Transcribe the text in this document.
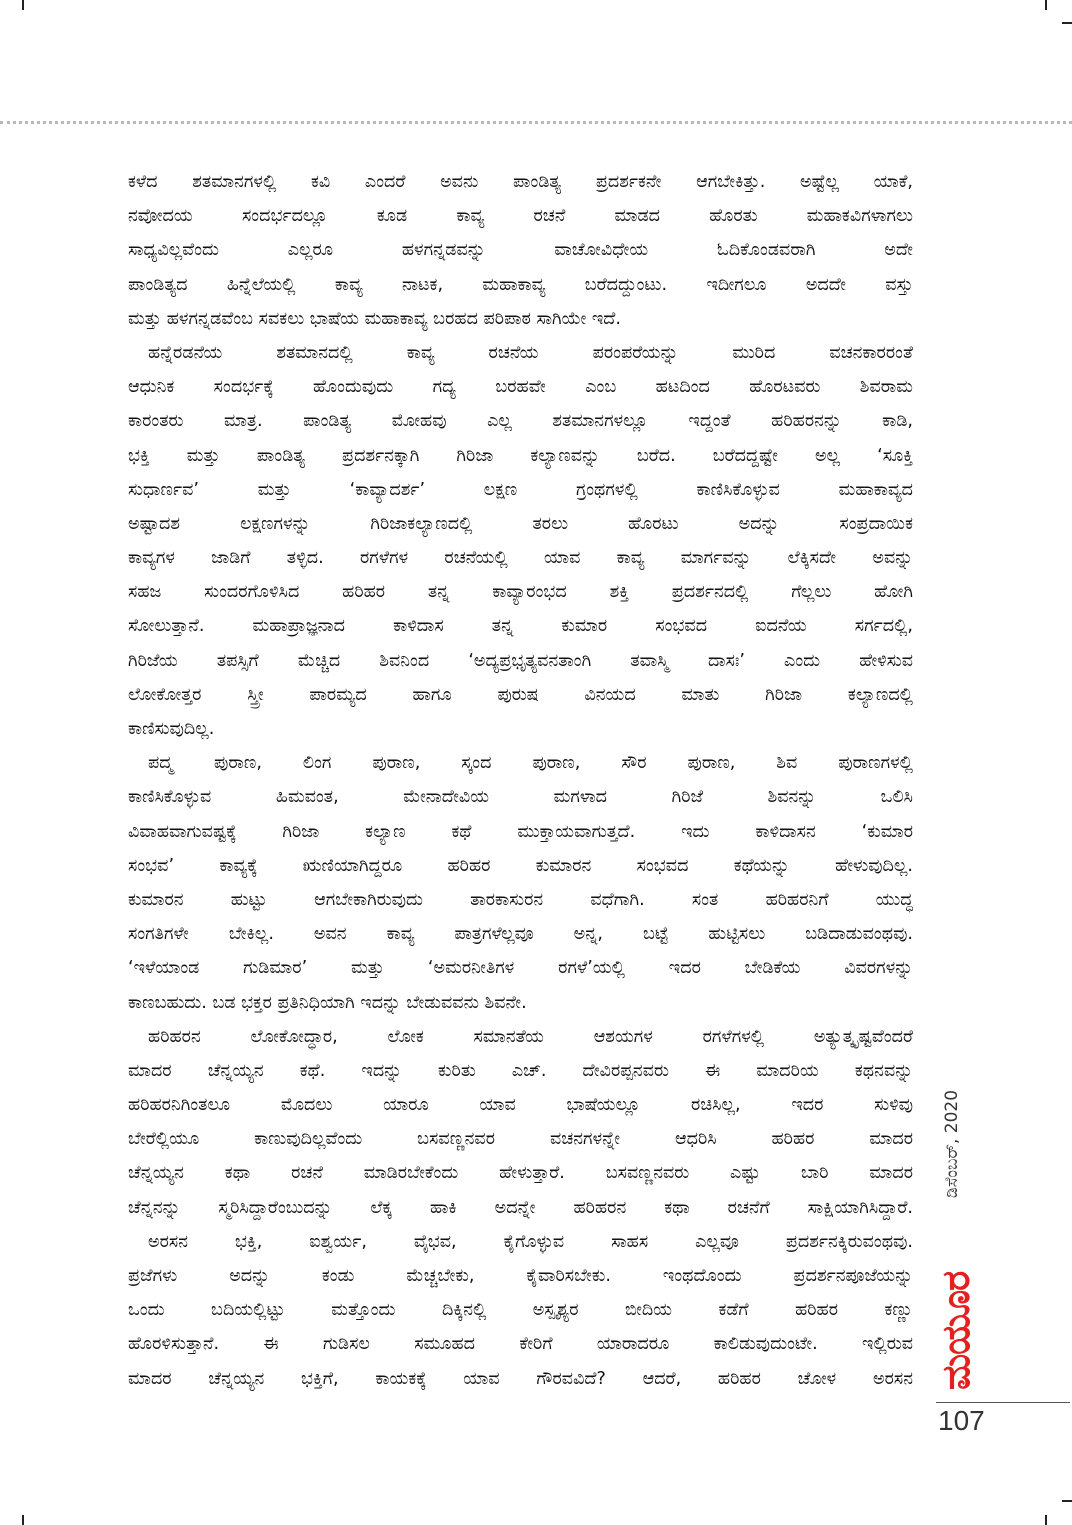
ಕಳೆದ ಶತಮಾನಗಳಲ್ಲಿ ಕವಿ ಎಂದರೆ ಅವನು ಪಾಂಡಿತ್ಯ ಪ್ರದರ್ಶಕನೇ ಆಗಬೇಕಿತ್ತು. ಅಷ್ಟೆಲ್ಲ ಯಾಕೆ,
ನವೋದಯ ಸಂದರ್ಭದಲ್ಲೂ ಕೂಡ ಕಾವ್ಯ ರಚನೆ ಮಾಡದ ಹೊರತು ಮಹಾಕವಿಗಳಾಗಲು
ಸಾಧ್ಯವಿಲ್ಲವೆಂದು ಎಲ್ಲರೂ ಹಳಗನ್ನಡವನ್ನು ವಾಚೋವಿಧೇಯ ಓದಿಕೊಂಡವರಾಗಿ ಅದೇ
ಪಾಂಡಿತ್ಯದ ಹಿನ್ನೆಲೆಯಲ್ಲಿ ಕಾವ್ಯ ನಾಟಕ, ಮಹಾಕಾವ್ಯ ಬರೆದದ್ದುಂಟು. ಇದೀಗಲೂ ಅದದೇ ವಸ್ತು
ಮತ್ತು ಹಳಗನ್ನಡವೆಂಬ ಸವಕಲು ಭಾಷೆಯ ಮಹಾಕಾವ್ಯ ಬರಹದ ಪರಿಪಾಠ ಸಾಗಿಯೇ ಇದೆ.

ಹನ್ನೆರಡನೆಯ ಶತಮಾನದಲ್ಲಿ ಕಾವ್ಯ ರಚನೆಯ ಪರಂಪರೆಯನ್ನು ಮುರಿದ ವಚನಕಾರರಂತೆ
ಆಧುನಿಕ ಸಂದರ್ಭಕ್ಕೆ ಹೊಂದುವುದು ಗದ್ಯ ಬರಹವೇ ಎಂಬ ಹಟದಿಂದ ಹೊರಟವರು ಶಿವರಾಮ
ಕಾರಂತರು ಮಾತ್ರ. ಪಾಂಡಿತ್ಯ ಮೋಹವು ಎಲ್ಲ ಶತಮಾನಗಳಲ್ಲೂ ಇದ್ದಂತೆ ಹರಿಹರನನ್ನು ಕಾಡಿ,
ಭಕ್ತಿ ಮತ್ತು ಪಾಂಡಿತ್ಯ ಪ್ರದರ್ಶನಕ್ಕಾಗಿ ಗಿರಿಜಾ ಕಲ್ಯಾಣವನ್ನು ಬರೆದ. ಬರೆದದ್ದಷ್ಟೇ ಅಲ್ಲ ‘ಸೂಕ್ತಿ
ಸುಧಾರ್ಣವ’ ಮತ್ತು ‘ಕಾವ್ಯಾದರ್ಶ’ ಲಕ್ಷಣ ಗ್ರಂಥಗಳಲ್ಲಿ ಕಾಣಿಸಿಕೊಳ್ಳುವ ಮಹಾಕಾವ್ಯದ
ಅಷ್ಟಾದಶ ಲಕ್ಷಣಗಳನ್ನು ಗಿರಿಜಾಕಲ್ಯಾಣದಲ್ಲಿ ತರಲು ಹೊರಟು ಅದನ್ನು ಸಂಪ್ರದಾಯಿಕ
ಕಾವ್ಯಗಳ ಜಾಡಿಗೆ ತಳ್ಳಿದ. ರಗಳೆಗಳ ರಚನೆಯಲ್ಲಿ ಯಾವ ಕಾವ್ಯ ಮಾರ್ಗವನ್ನು ಲೆಕ್ಕಿಸದೇ ಅವನ್ನು
ಸಹಜ ಸುಂದರಗೊಳಿಸಿದ ಹರಿಹರ ತನ್ನ ಕಾವ್ಯಾರಂಭದ ಶಕ್ತಿ ಪ್ರದರ್ಶನದಲ್ಲಿ ಗೆಲ್ಲಲು ಹೋಗಿ
ಸೋಲುತ್ತಾನೆ. ಮಹಾಪ್ರಾಜ್ಞನಾದ ಕಾಳಿದಾಸ ತನ್ನ ಕುಮಾರ ಸಂಭವದ ಐದನೆಯ ಸರ್ಗದಲ್ಲಿ,
ಗಿರಿಜೆಯ ತಪಸ್ಸಿಗೆ ಮೆಚ್ಚಿದ ಶಿವನಿಂದ ‘ಅದ್ಯಪ್ರಭೃತ್ಯವನತಾಂಗಿ ತವಾಸ್ಮಿ ದಾಸಃ’ ಎಂದು ಹೇಳಿಸುವ
ಲೋಕೋತ್ತರ ಸ್ತ್ರೀ ಪಾರಮ್ಯದ ಹಾಗೂ ಪುರುಷ ವಿನಯದ ಮಾತು ಗಿರಿಜಾ ಕಲ್ಯಾಣದಲ್ಲಿ
ಕಾಣಿಸುವುದಿಲ್ಲ.

ಪದ್ಮ ಪುರಾಣ, ಲಿಂಗ ಪುರಾಣ, ಸ್ಕಂದ ಪುರಾಣ, ಸೌರ ಪುರಾಣ, ಶಿವ ಪುರಾಣಗಳಲ್ಲಿ
ಕಾಣಿಸಿಕೊಳ್ಳುವ ಹಿಮವಂತ, ಮೇನಾದೇವಿಯ ಮಗಳಾದ ಗಿರಿಜೆ ಶಿವನನ್ನು ಒಲಿಸಿ
ವಿವಾಹವಾಗುವಷ್ಟಕ್ಕೆ ಗಿರಿಜಾ ಕಲ್ಯಾಣ ಕಥೆ ಮುಕ್ತಾಯವಾಗುತ್ತದೆ. ಇದು ಕಾಳಿದಾಸನ ‘ಕುಮಾರ
ಸಂಭವ’ ಕಾವ್ಯಕ್ಕೆ ಋಣಿಯಾಗಿದ್ದರೂ ಹರಿಹರ ಕುಮಾರನ ಸಂಭವದ ಕಥೆಯನ್ನು ಹೇಳುವುದಿಲ್ಲ.
ಕುಮಾರನ ಹುಟ್ಟು ಆಗಬೇಕಾಗಿರುವುದು ತಾರಕಾಸುರನ ವಧೆಗಾಗಿ. ಸಂತ ಹರಿಹರನಿಗೆ ಯುದ್ಧ
ಸಂಗತಿಗಳೇ ಬೇಕಿಲ್ಲ. ಅವನ ಕಾವ್ಯ ಪಾತ್ರಗಳೆಲ್ಲವೂ ಅನ್ನ, ಬಟ್ಟೆ ಹುಟ್ಟಿಸಲು ಬಡಿದಾಡುವಂಥವು.
‘ಇಳೆಯಾಂಡ ಗುಡಿಮಾರ’ ಮತ್ತು ‘ಅಮರನೀತಿಗಳ ರಗಳೆ’ಯಲ್ಲಿ ಇದರ ಬೇಡಿಕೆಯ ವಿವರಗಳನ್ನು
ಕಾಣಬಹುದು. ಬಡ ಭಕ್ತರ ಪ್ರತಿನಿಧಿಯಾಗಿ ಇದನ್ನು ಬೇಡುವವನು ಶಿವನೇ.

ಹರಿಹರನ ಲೋಕೋದ್ಧಾರ, ಲೋಕ ಸಮಾನತೆಯ ಆಶಯಗಳ ರಗಳೆಗಳಲ್ಲಿ ಅತ್ಯುತ್ಕೃಷ್ಟವೆಂದರೆ
ಮಾದರ ಚೆನ್ನಯ್ಯನ ಕಥೆ. ಇದನ್ನು ಕುರಿತು ಎಚ್. ದೇವಿರಪ್ಪನವರು ಈ ಮಾದರಿಯ ಕಥನವನ್ನು
ಹರಿಹರನಿಗಿಂತಲೂ ಮೊದಲು ಯಾರೂ ಯಾವ ಭಾಷೆಯಲ್ಲೂ ರಚಿಸಿಲ್ಲ, ಇದರ ಸುಳಿವು
ಬೇರೆಲ್ಲಿಯೂ ಕಾಣುವುದಿಲ್ಲವೆಂದು ಬಸವಣ್ಣನವರ ವಚನಗಳನ್ನೇ ಆಧರಿಸಿ ಹರಿಹರ ಮಾದರ
ಚೆನ್ನಯ್ಯನ ಕಥಾ ರಚನೆ ಮಾಡಿರಬೇಕೆಂದು ಹೇಳುತ್ತಾರೆ. ಬಸವಣ್ಣನವರು ಎಷ್ಟು ಬಾರಿ ಮಾದರ
ಚೆನ್ನನನ್ನು ಸ್ಮರಿಸಿದ್ದಾರೆಂಬುದನ್ನು ಲೆಕ್ಕ ಹಾಕಿ ಅದನ್ನೇ ಹರಿಹರನ ಕಥಾ ರಚನೆಗೆ ಸಾಕ್ಷಿಯಾಗಿಸಿದ್ದಾರೆ.

ಅರಸನ ಭಕ್ತಿ, ಐಶ್ವರ್ಯ, ವೈಭವ, ಕೈಗೊಳ್ಳುವ ಸಾಹಸ ಎಲ್ಲವೂ ಪ್ರದರ್ಶನಕ್ಕಿರುವಂಥವು.
ಪ್ರಜೆಗಳು ಅದನ್ನು ಕಂಡು ಮೆಚ್ಚಬೇಕು, ಕೈವಾರಿಸಬೇಕು. ಇಂಥದೊಂದು ಪ್ರದರ್ಶನಪೂಜೆಯನ್ನು
ಒಂದು ಬದಿಯಲ್ಲಿಟ್ಟು ಮತ್ತೊಂದು ದಿಕ್ಕಿನಲ್ಲಿ ಅಸ್ಪೃಶ್ಯರ ಬೀದಿಯ ಕಡೆಗೆ ಹರಿಹರ ಕಣ್ಣು
ಹೊರಳಿಸುತ್ತಾನೆ. ಈ ಗುಡಿಸಲ ಸಮೂಹದ ಕೇರಿಗೆ ಯಾರಾದರೂ ಕಾಲಿಡುವುದುಂಟೇ. ಇಲ್ಲಿರುವ
ಮಾದರ ಚೆನ್ನಯ್ಯನ ಭಕ್ತಿಗೆ, ಕಾಯಕಕ್ಕೆ ಯಾವ ಗೌರವವಿದೆ? ಆದರೆ, ಹರಿಹರ ಚೋಳ ಅರಸನ

ಡಿಸೆಂಬರ್, 2020
ಮಯೂರ
107
